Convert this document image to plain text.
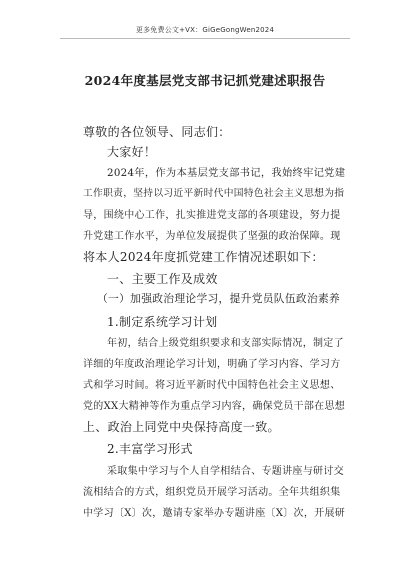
更多免费公文+VX：GiGeGongWen2024
2024年度基层党支部书记抓党建述职报告
尊敬的各位领导、同志们：
大家好！
2024年，作为本基层党支部书记，我始终牢记党建
工作职责，坚持以习近平新时代中国特色社会主义思想为指
导，围绕中心工作，扎实推进党支部的各项建设，努力提
升党建工作水平，为单位发展提供了坚强的政治保障。现
将本人2024年度抓党建工作情况述职如下：
一、主要工作及成效
（一）加强政治理论学习，提升党员队伍政治素养
1.制定系统学习计划
年初，结合上级党组织要求和支部实际情况，制定了
详细的年度政治理论学习计划，明确了学习内容、学习方
式和学习时间。将习近平新时代中国特色社会主义思想、
党的XX大精神等作为重点学习内容，确保党员干部在思想
上、政治上同党中央保持高度一致。
2.丰富学习形式
采取集中学习与个人自学相结合、专题讲座与研讨交
流相结合的方式，组织党员开展学习活动。全年共组织集
中学习〔X〕次，邀请专家举办专题讲座〔X〕次，开展研
